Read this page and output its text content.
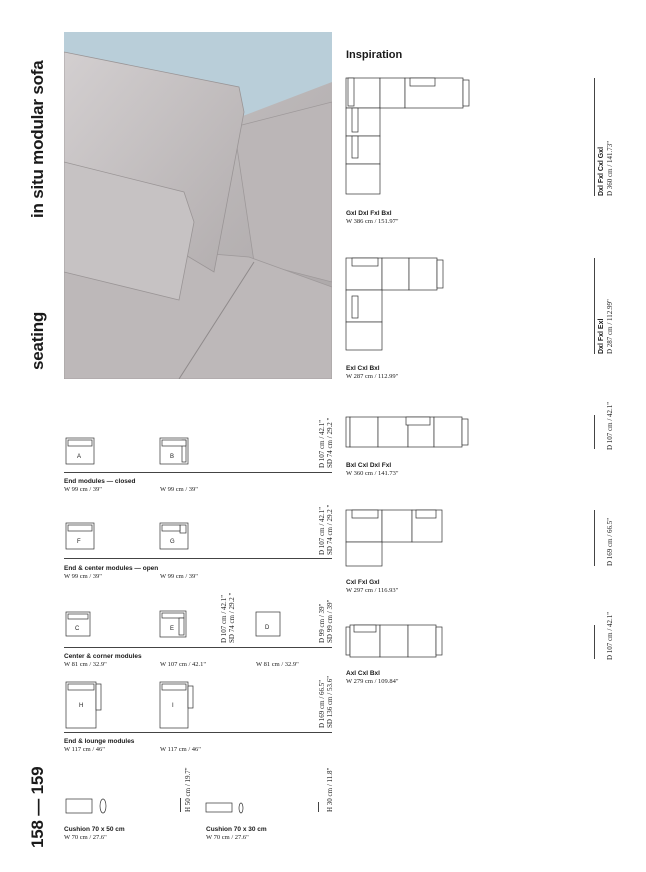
in situ modular sofa
seating
158 — 159
Inspiration
Gxl Dxl Fxl Bxl
W 386 cm / 151.97"
Dxl Fxl Cxl Gxl D 360 cm / 141.73"
Exl Cxl Bxl
W 287 cm / 112.99"
Dxl Fxl Exl D 287 cm / 112.99"
Bxl Cxl Dxl Fxl
W 360 cm / 141.73"
D 107 cm / 42.1"
Cxl Fxl Gxl
W 297 cm / 116.93"
D 169 cm / 66.5"
Axl Cxl Bxl
W 279 cm / 109.84"
D 107 cm / 42.1"
A	B
End modules — closed
W 99 cm / 39"	W 99 cm / 39"
D 107 cm / 42.1" SD 74 cm / 29.2 "
F	G
End & center modules — open
W 99 cm / 39"	W 99 cm / 39"
D 107 cm / 42.1" SD 74 cm / 29.2 "
C	E	D
Center & corner modules
W 81 cm / 32.9"	W 107 cm / 42.1"	W 81 cm / 32.9"
D 107 cm / 42.1" SD 74 cm / 29.2 "	D 99 cm / 39" SD 99 cm / 39"
H	I
End & lounge modules
W 117 cm / 46"	W 117 cm / 46"
D 169 cm / 66.5" SD 136 cm / 53.6"
H 50 cm / 19.7"
Cushion 70 x 50 cm
W 70 cm / 27.6"
H 30 cm / 11.8"
Cushion 70 x 30 cm
W 70 cm / 27.6"
